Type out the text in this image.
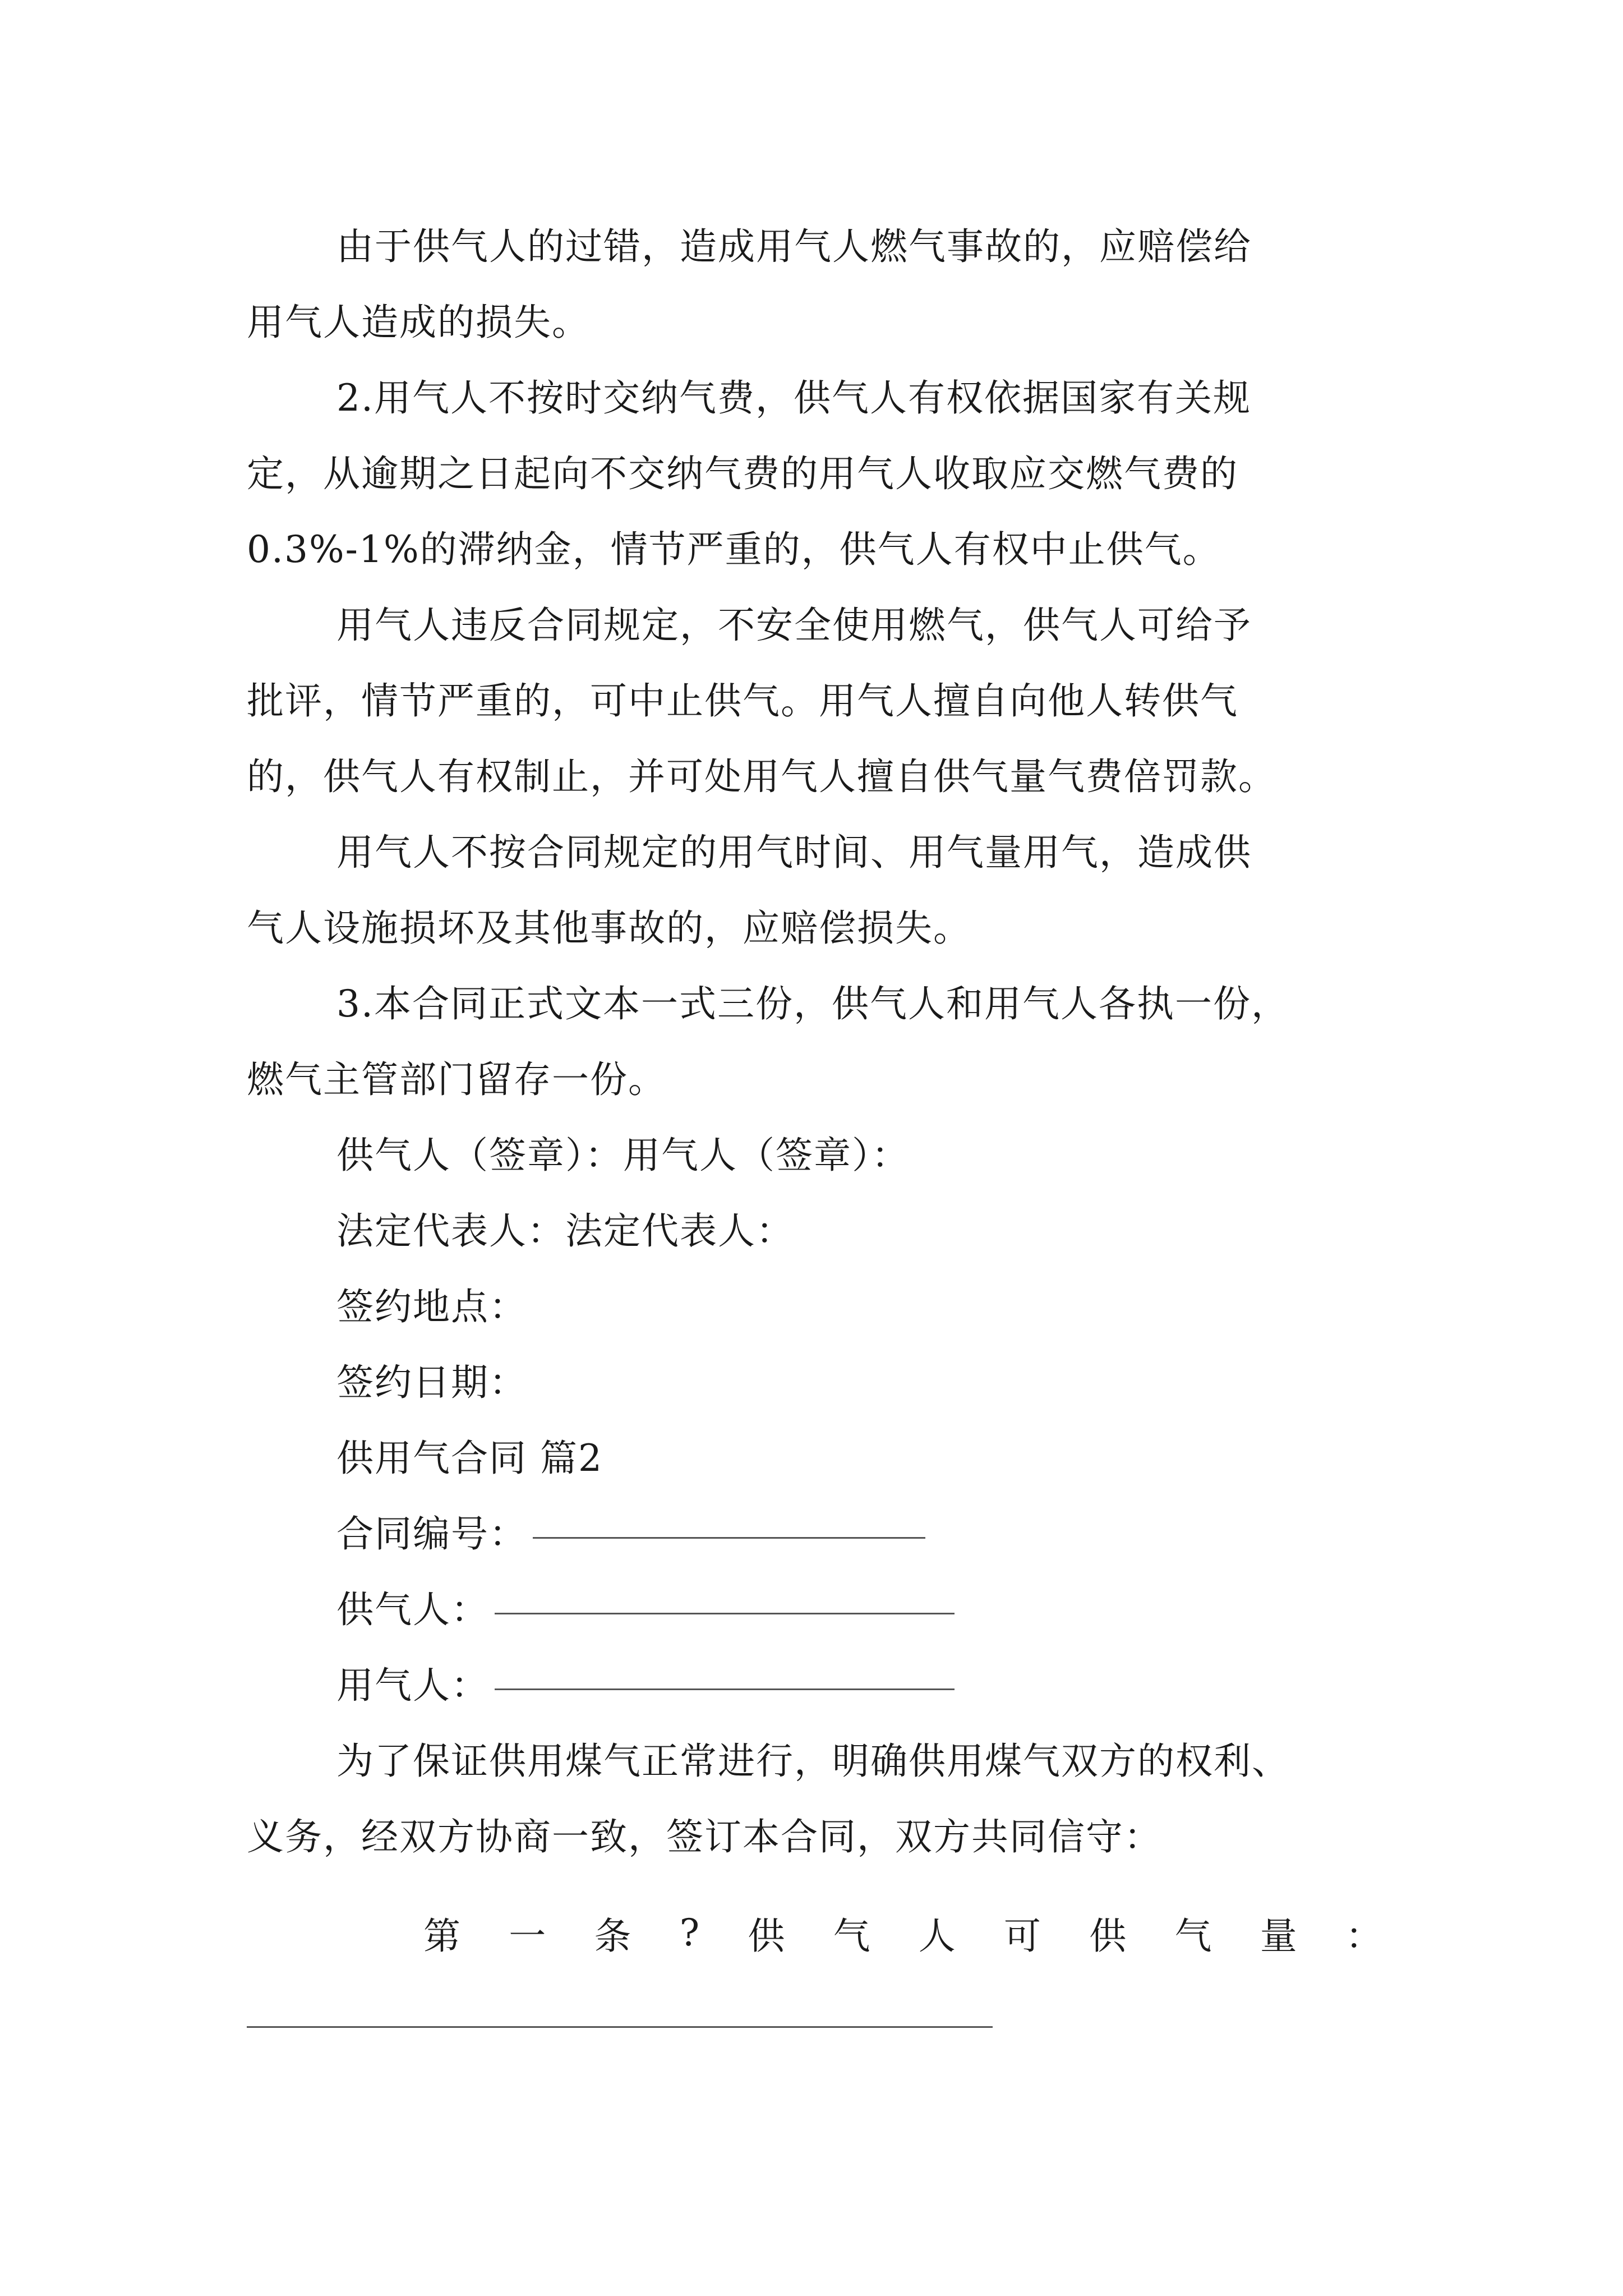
由于供气人的过错，造成用气人燃气事故的，应赔偿给
用气人造成的损失。
2.用气人不按时交纳气费，供气人有权依据国家有关规
定，从逾期之日起向不交纳气费的用气人收取应交燃气费的
0.3%-1%的滞纳金，情节严重的，供气人有权中止供气。
用气人违反合同规定，不安全使用燃气，供气人可给予
批评，情节严重的，可中止供气。用气人擅自向他人转供气
的，供气人有权制止，并可处用气人擅自供气量气费倍罚款。
用气人不按合同规定的用气时间、用气量用气，造成供
气人设施损坏及其他事故的，应赔偿损失。
3.本合同正式文本一式三份，供气人和用气人各执一份，
燃气主管部门留存一份。
供气人（签章）：用气人（签章）：
法定代表人：法定代表人：
签约地点：
签约日期：
供用气合同 篇2
合同编号：
供气人：
用气人：
为了保证供用煤气正常进行，明确供用煤气双方的权利、
义务，经双方协商一致，签订本合同，双方共同信守：
第 一 条 ? 供 气 人 可 供 气 量 ：
